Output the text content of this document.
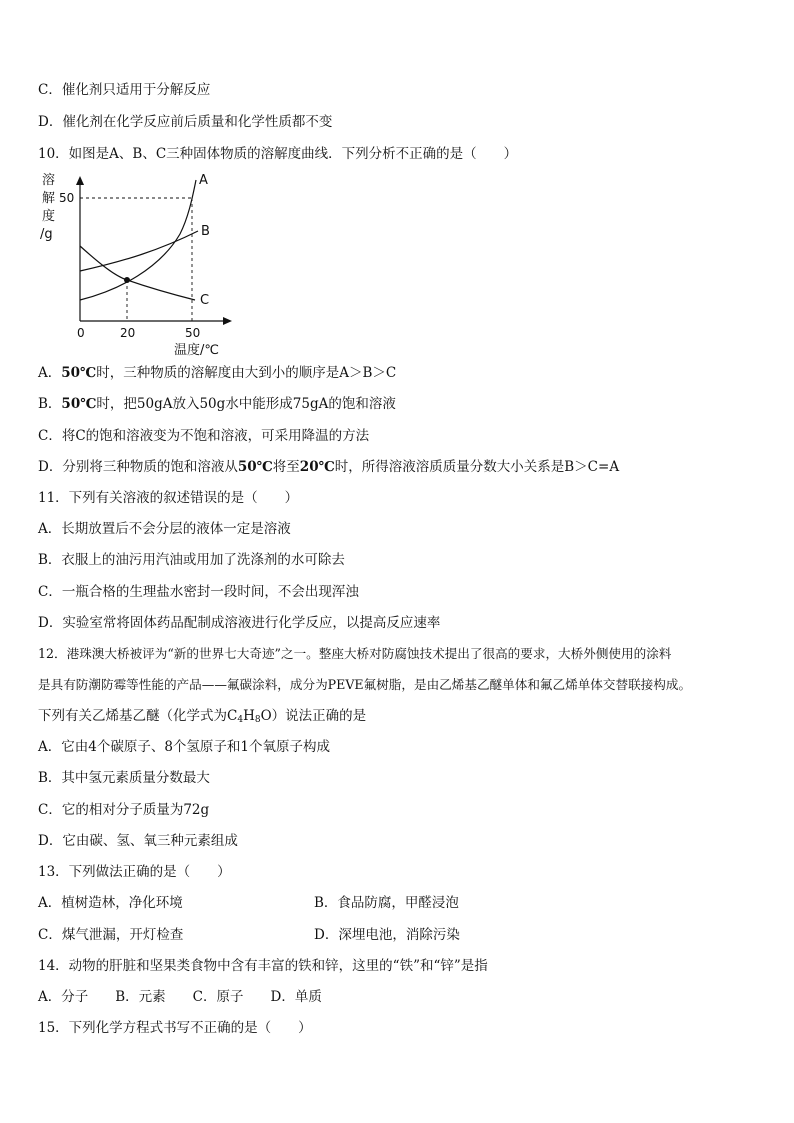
C．催化剂只适用于分解反应
D．催化剂在化学反应前后质量和化学性质都不变
10．如图是A、B、C三种固体物质的溶解度曲线．下列分析不正确的是（　　）
溶
解
度
/g
50
0	20	50
温度/℃
A
B
C
A．50℃时，三种物质的溶解度由大到小的顺序是A＞B＞C
B．50℃时，把50gA放入50g水中能形成75gA的饱和溶液
C．将C的饱和溶液变为不饱和溶液，可采用降温的方法
D．分别将三种物质的饱和溶液从50℃将至20℃时，所得溶液溶质质量分数大小关系是B＞C=A
11．下列有关溶液的叙述错误的是（　　）
A．长期放置后不会分层的液体一定是溶液
B．衣服上的油污用汽油或用加了洗涤剂的水可除去
C．一瓶合格的生理盐水密封一段时间，不会出现浑浊
D．实验室常将固体药品配制成溶液进行化学反应，以提高反应速率
12．港珠澳大桥被评为“新的世界七大奇迹”之一。整座大桥对防腐蚀技术提出了很高的要求，大桥外侧使用的涂料
是具有防潮防霉等性能的产品——氟碳涂料，成分为PEVE氟树脂，是由乙烯基乙醚单体和氟乙烯单体交替联接构成。
下列有关乙烯基乙醚（化学式为$C_4H_8O$）说法正确的是
A．它由4个碳原子、8个氢原子和1个氧原子构成
B．其中氢元素质量分数最大
C．它的相对分子质量为72g
D．它由碳、氢、氧三种元素组成
13．下列做法正确的是（　　）
A．植树造林，净化环境	B．食品防腐，甲醛浸泡
C．煤气泄漏，开灯检查	D．深埋电池，消除污染
14．动物的肝脏和坚果类食物中含有丰富的铁和锌，这里的“铁”和“锌”是指
A．分子　　B．元素　　C．原子　　D．单质
15．下列化学方程式书写不正确的是（　　）
